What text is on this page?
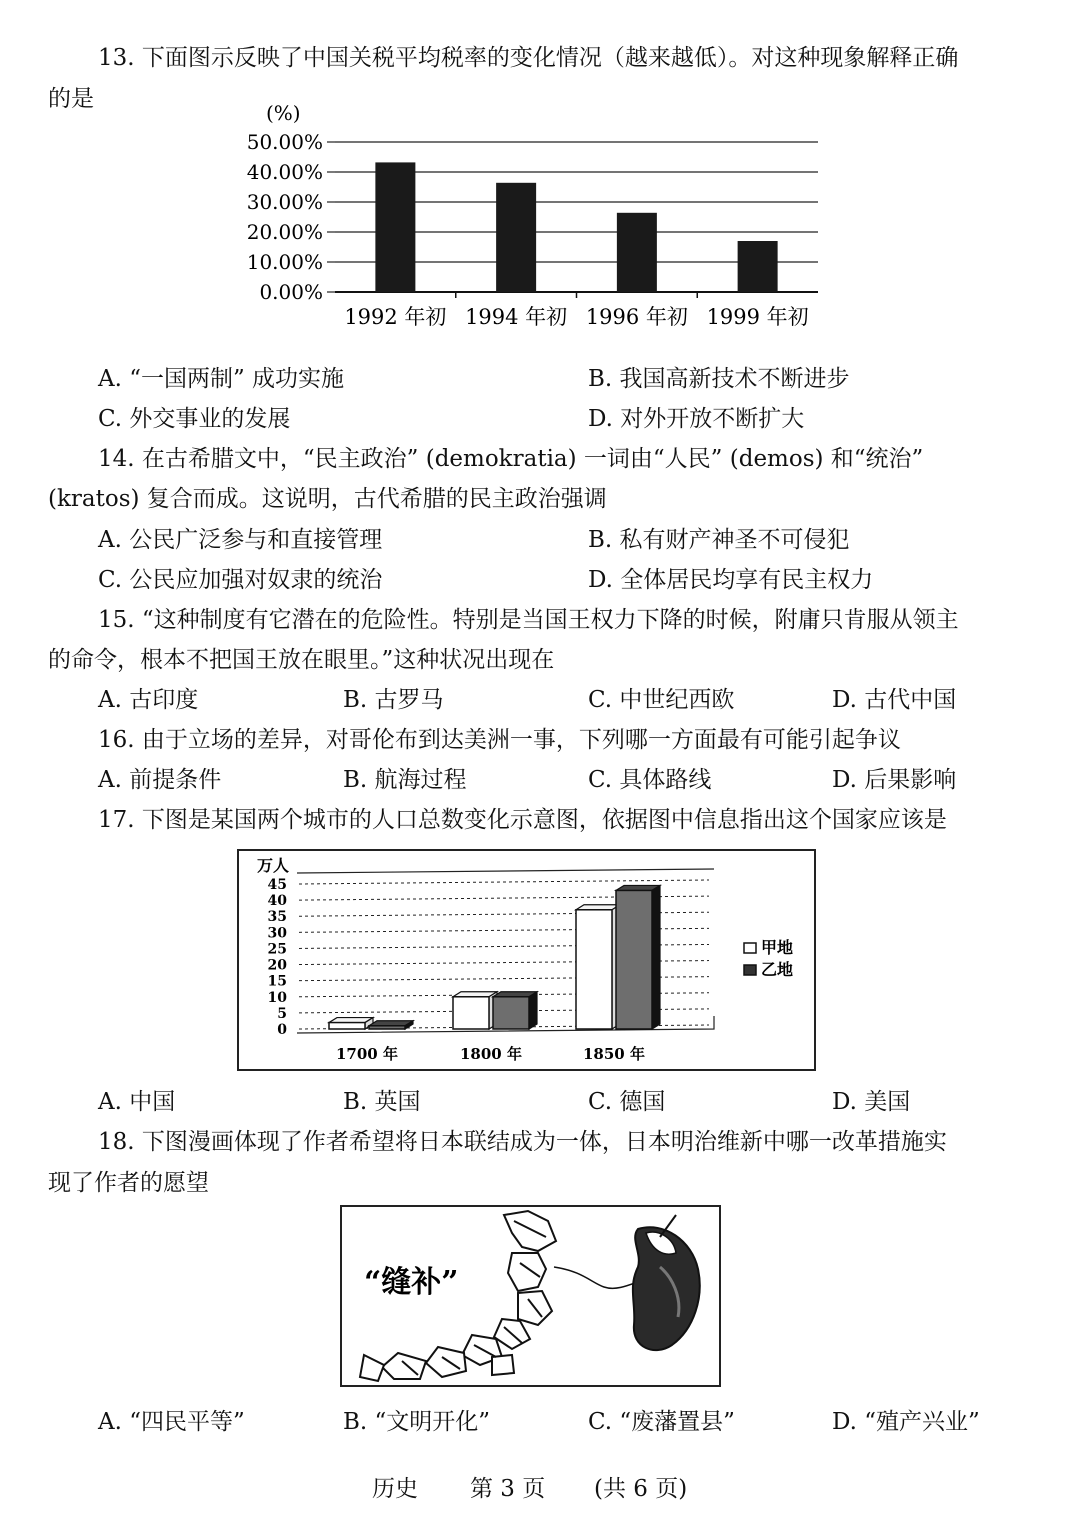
13. 下面图示反映了中国关税平均税率的变化情况（越来越低）。对这种现象解释正确
的是
(%)
0.00%
10.00%
20.00%
30.00%
40.00%
50.00%
1992 年初 1994 年初 1996 年初 1999 年初
A. “一国两制” 成功实施	B. 我国高新技术不断进步
C. 外交事业的发展	D. 对外开放不断扩大
14. 在古希腊文中，“民主政治” (demokratia) 一词由“人民” (demos) 和“统治”
(kratos) 复合而成。这说明，古代希腊的民主政治强调
A. 公民广泛参与和直接管理	B. 私有财产神圣不可侵犯
C. 公民应加强对奴隶的统治	D. 全体居民均享有民主权力
15. “这种制度有它潜在的危险性。特别是当国王权力下降的时候，附庸只肯服从领主
的命令，根本不把国王放在眼里。”这种状况出现在
A. 古印度	B. 古罗马	C. 中世纪西欧	D. 古代中国
16. 由于立场的差异，对哥伦布到达美洲一事，下列哪一方面最有可能引起争议
A. 前提条件	B. 航海过程	C. 具体路线	D. 后果影响
17. 下图是某国两个城市的人口总数变化示意图，依据图中信息指出这个国家应该是
万人
0
5
10
15
20
25
30
35
40
45
1700 年	1800 年	1850 年
甲地
乙地
A. 中国	B. 英国	C. 德国	D. 美国
18. 下图漫画体现了作者希望将日本联结成为一体，日本明治维新中哪一改革措施实
现了作者的愿望
“缝补”
A. “四民平等”	B. “文明开化”	C. “废藩置县”	D. “殖产兴业”
历史 第 3 页 (共 6 页)
